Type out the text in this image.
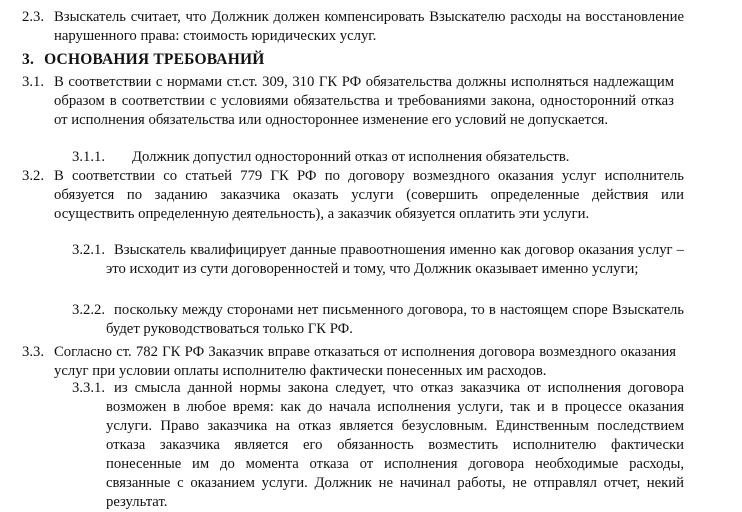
2.3. Взыскатель считает, что Должник должен компенсировать Взыскателю расходы на восстановление нарушенного права: стоимость юридических услуг.
3. ОСНОВАНИЯ ТРЕБОВАНИЙ
3.1. В соответствии с нормами ст.ст. 309, 310 ГК РФ обязательства должны исполняться надлежащим образом в соответствии с условиями обязательства и требованиями закона, односторонний отказ от исполнения обязательства или одностороннее изменение его условий не допускается.
3.1.1. Должник допустил односторонний отказ от исполнения обязательств.
3.2. В соответствии со статьей 779 ГК РФ по договору возмездного оказания услуг исполнитель обязуется по заданию заказчика оказать услуги (совершить определенные действия или осуществить определенную деятельность), а заказчик обязуется оплатить эти услуги.
3.2.1. Взыскатель квалифицирует данные правоотношения именно как договор оказания услуг – это исходит из сути договоренностей и тому, что Должник оказывает именно услуги;
3.2.2. поскольку между сторонами нет письменного договора, то в настоящем споре Взыскатель будет руководствоваться только ГК РФ.
3.3. Согласно ст. 782 ГК РФ Заказчик вправе отказаться от исполнения договора возмездного оказания услуг при условии оплаты исполнителю фактически понесенных им расходов.
3.3.1. из смысла данной нормы закона следует, что отказ заказчика от исполнения договора возможен в любое время: как до начала исполнения услуги, так и в процессе оказания услуги. Право заказчика на отказ является безусловным. Единственным последствием отказа заказчика является его обязанность возместить исполнителю фактически понесенные им до момента отказа от исполнения договора необходимые расходы, связанные с оказанием услуги. Должник не начинал работы, не отправлял отчет, некий результат.
